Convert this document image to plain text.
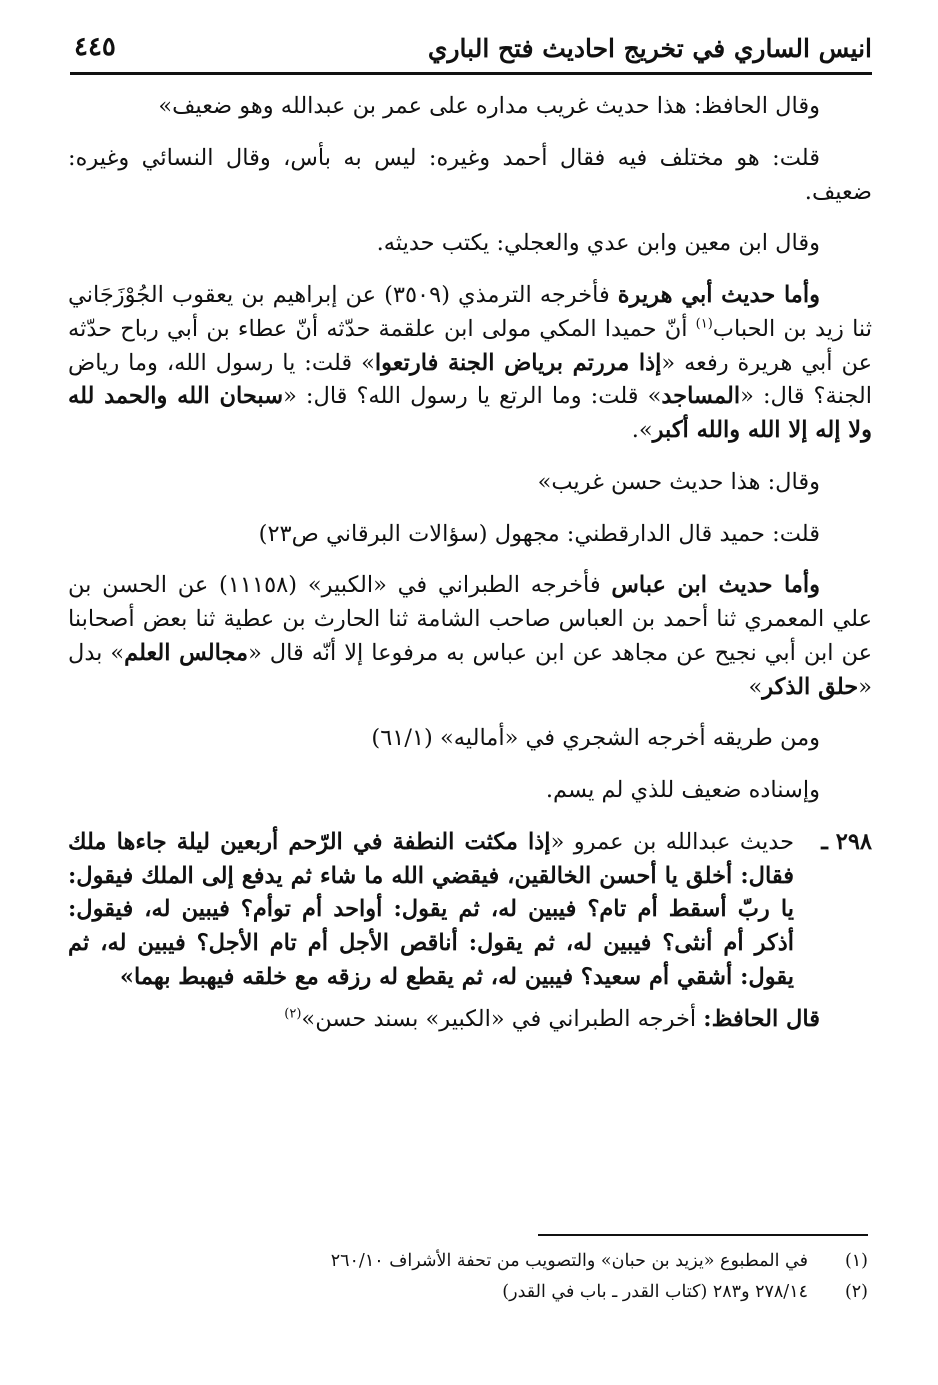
انيس الساري في تخريج احاديث فتح الباري
٤٤٥

وقال الحافظ: هذا حديث غريب مداره على عمر بن عبدالله وهو ضعيف»

قلت: هو مختلف فيه فقال أحمد وغيره: ليس به بأس، وقال النسائي وغيره: ضعيف.

وقال ابن معين وابن عدي والعجلي: يكتب حديثه.

وأما حديث أبي هريرة فأخرجه الترمذي (٣٥٠٩) عن إبراهيم بن يعقوب الجُوْزَجَاني ثنا زيد بن الحباب$^{(١)}$ أنّ حميدا المكي مولى ابن علقمة حدّثه أنّ عطاء بن أبي رباح حدّثه عن أبي هريرة رفعه «إذا مررتم برياض الجنة فارتعوا» قلت: يا رسول الله، وما رياض الجنة؟ قال: «المساجد» قلت: وما الرتع يا رسول الله؟ قال: «سبحان الله والحمد لله ولا إله إلا الله والله أكبر».

وقال: هذا حديث حسن غريب»

قلت: حميد قال الدارقطني: مجهول (سؤالات البرقاني ص٢٣)

وأما حديث ابن عباس فأخرجه الطبراني في «الكبير» (١١١٥٨) عن الحسن بن علي المعمري ثنا أحمد بن العباس صاحب الشامة ثنا الحارث بن عطية ثنا بعض أصحابنا عن ابن أبي نجيح عن مجاهد عن ابن عباس به مرفوعا إلا أنّه قال «مجالس العلم» بدل «حلق الذكر»

ومن طريقه أخرجه الشجري في «أماليه» (٦١/١)

وإسناده ضعيف للذي لم يسم.

٢٩٨ ـ
حديث عبدالله بن عمرو «إذا مكثت النطفة في الرّحم أربعين ليلة جاءها ملك فقال: أخلق يا أحسن الخالقين، فيقضي الله ما شاء ثم يدفع إلى الملك فيقول: يا ربّ أسقط أم تام؟ فيبين له، ثم يقول: أواحد أم توأم؟ فيبين له، فيقول: أذكر أم أنثى؟ فيبين له، ثم يقول: أناقص الأجل أم تام الأجل؟ فيبين له، ثم يقول: أشقي أم سعيد؟ فيبين له، ثم يقطع له رزقه مع خلقه فيهبط بهما»

قال الحافظ: أخرجه الطبراني في «الكبير» بسند حسن»$^{(٢)}$

(١)
في المطبوع «يزيد بن حبان» والتصويب من تحفة الأشراف ٢٦٠/١٠
(٢)
٢٧٨/١٤ و٢٨٣ (كتاب القدر ـ باب في القدر)
